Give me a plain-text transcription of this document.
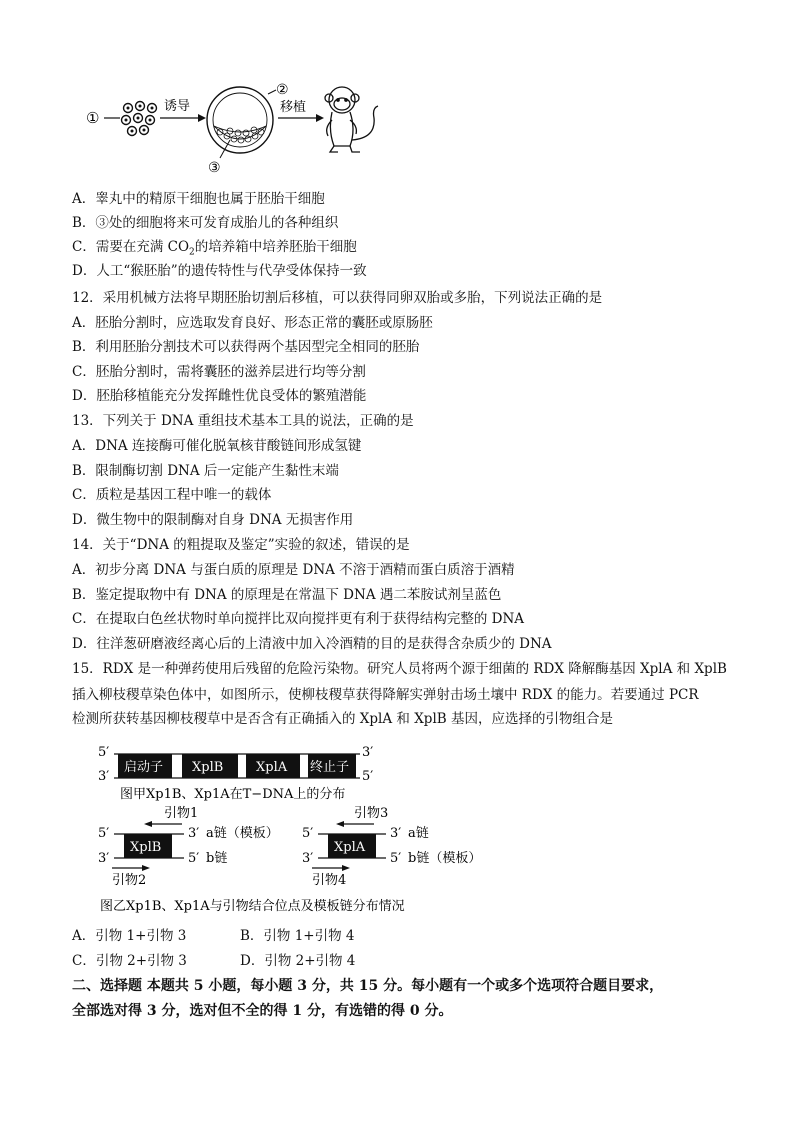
①
诱导
②
③
移植
A．睾丸中的精原干细胞也属于胚胎干细胞
B．③处的细胞将来可发育成胎儿的各种组织
C．需要在充满 $CO_2$的培养箱中培养胚胎干细胞
D．人工“猴胚胎”的遗传特性与代孕受体保持一致
12．采用机械方法将早期胚胎切割后移植，可以获得同卵双胎或多胎，下列说法正确的是
A．胚胎分割时，应选取发育良好、形态正常的囊胚或原肠胚
B．利用胚胎分割技术可以获得两个基因型完全相同的胚胎
C．胚胎分割时，需将囊胚的滋养层进行均等分割
D．胚胎移植能充分发挥雌性优良受体的繁殖潜能
13．下列关于 DNA 重组技术基本工具的说法，正确的是
A．DNA 连接酶可催化脱氧核苷酸链间形成氢键
B．限制酶切割 DNA 后一定能产生黏性末端
C．质粒是基因工程中唯一的载体
D．微生物中的限制酶对自身 DNA 无损害作用
14．关于“DNA 的粗提取及鉴定”实验的叙述，错误的是
A．初步分离 DNA 与蛋白质的原理是 DNA 不溶于酒精而蛋白质溶于酒精
B．鉴定提取物中有 DNA 的原理是在常温下 DNA 遇二苯胺试剂呈蓝色
C．在提取白色丝状物时单向搅拌比双向搅拌更有利于获得结构完整的 DNA
D．往洋葱研磨液经离心后的上清液中加入冷酒精的目的是获得含杂质少的 DNA
15．RDX 是一种弹药使用后残留的危险污染物。研究人员将两个源于细菌的 RDX 降解酶基因 XplA 和 XplB
插入柳枝稷草染色体中，如图所示，使柳枝稷草获得降解实弹射击场土壤中 RDX 的能力。若要通过 PCR
检测所获转基因柳枝稷草中是否含有正确插入的 XplA 和 XplB 基因，应选择的引物组合是
5′	3′
3′	5′
启动子 XplB	XplA 终止子
图甲Xp1B、Xp1A在T−DNA上的分布
引物1
5′	3′ a链（模板）
XplB
3′	5′ b链
引物2
引物3
5′	3′ a链
XplA
3′	5′ b链（模板）
引物4
图乙Xp1B、Xp1A与引物结合位点及模板链分布情况
A．引物 1+引物 3	B．引物 1+引物 4
C．引物 2+引物 3	D．引物 2+引物 4
二、选择题 本题共 5 小题，每小题 3 分，共 15 分。每小题有一个或多个选项符合题目要求，
全部选对得 3 分，选对但不全的得 1 分，有选错的得 0 分。
